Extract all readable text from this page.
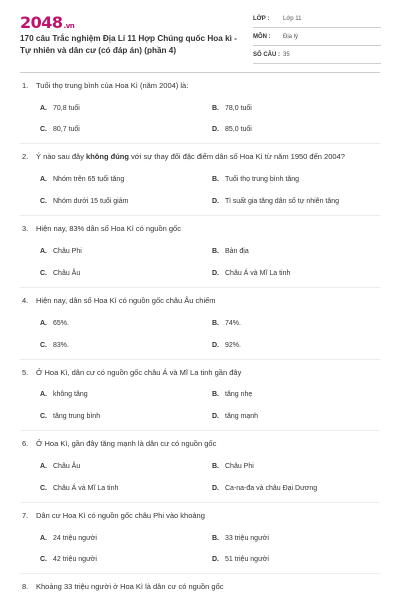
2048.vn
170 câu Trắc nghiệm Địa Lí 11 Hợp Chúng quốc Hoa kì - Tự nhiên và dân cư (có đáp án) (phần 4)
LỚP : Lớp 11
MÔN : Địa lý
SỐ CÂU : 35
1. Tuổi thọ trung bình của Hoa Kì (năm 2004) là:
A. 70,8 tuổi	B. 78,0 tuổi
C. 80,7 tuổi	D. 85,0 tuổi
2. Ý nào sau đây không đúng với sự thay đổi đặc điểm dân số Hoa Kì từ năm 1950 đến 2004?
A. Nhóm trên 65 tuổi tăng	B. Tuổi thọ trung bình tăng
C. Nhóm dưới 15 tuổi giảm	D. Tỉ suất gia tăng dân số tự nhiên tăng
3. Hiện nay, 83% dân số Hoa Kì có nguồn gốc
A. Châu Phi	B. Bản địa
C. Châu Âu	D. Châu Á và Mĩ La tinh
4. Hiện nay, dân số Hoa Kì có nguồn gốc châu Âu chiếm
A. 65%.	B. 74%.
C. 83%.	D. 92%.
5. Ở Hoa Kì, dân cư có nguồn gốc châu Á và Mĩ La tinh gần đây
A. không tăng	B. tăng nhẹ
C. tăng trung bình	D. tăng mạnh
6. Ở Hoa Kì, gần đây tăng mạnh là dân cư có nguồn gốc
A. Châu Âu	B. Châu Phi
C. Châu Á và Mĩ La tinh	D. Ca-na-đa và châu Đại Dương
7. Dân cư Hoa Kì có nguồn gốc châu Phi vào khoảng
A. 24 triệu người	B. 33 triệu người
C. 42 triệu người	D. 51 triệu người
8. Khoảng 33 triệu người ở Hoa Kì là dân cư có nguồn gốc
